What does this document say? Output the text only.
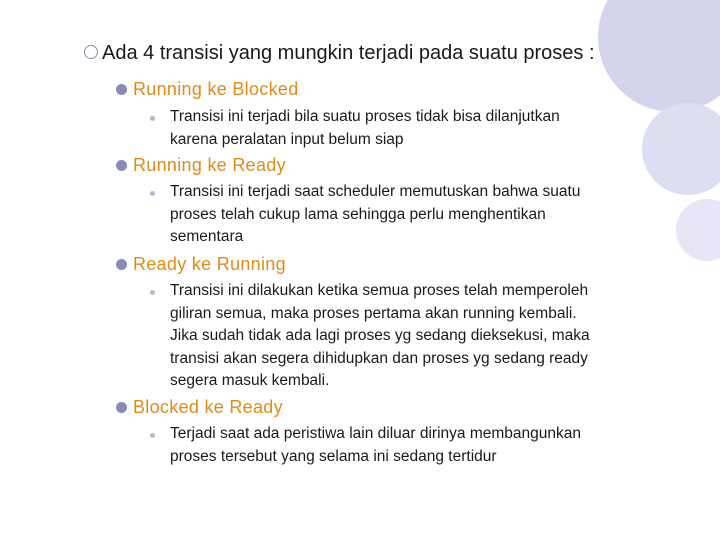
Ada 4 transisi yang mungkin terjadi pada suatu proses :
Running ke Blocked
Transisi ini terjadi bila suatu proses tidak bisa dilanjutkan
karena peralatan input belum siap
Running ke Ready
Transisi ini terjadi saat scheduler memutuskan bahwa suatu
proses telah cukup lama sehingga perlu menghentikan
sementara
Ready ke Running
Transisi ini dilakukan ketika semua proses telah memperoleh
giliran semua, maka proses pertama akan running kembali.
Jika sudah tidak ada lagi proses yg sedang dieksekusi, maka
transisi akan segera dihidupkan dan proses yg sedang ready
segera masuk kembali.
Blocked ke Ready
Terjadi saat ada peristiwa lain diluar dirinya membangunkan
proses tersebut yang selama ini sedang tertidur
